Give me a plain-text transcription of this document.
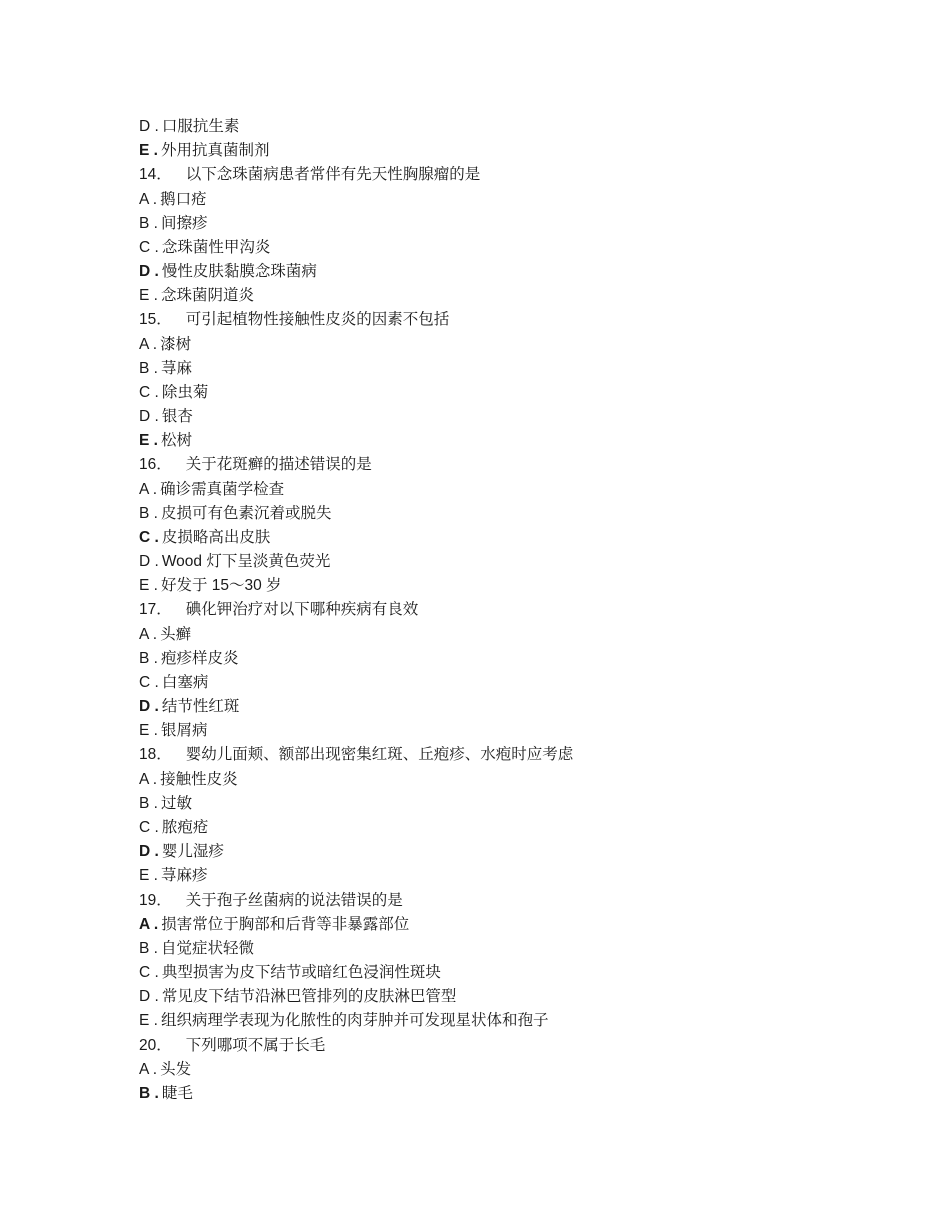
D . 口服抗生素
E . 外用抗真菌制剂
14． 以下念珠菌病患者常伴有先天性胸腺瘤的是
A . 鹅口疮
B . 间擦疹
C . 念珠菌性甲沟炎
D . 慢性皮肤黏膜念珠菌病
E . 念珠菌阴道炎
15． 可引起植物性接触性皮炎的因素不包括
A . 漆树
B . 荨麻
C . 除虫菊
D . 银杏
E . 松树
16． 关于花斑癣的描述错误的是
A . 确诊需真菌学检查
B . 皮损可有色素沉着或脱失
C . 皮损略高出皮肤
D . Wood 灯下呈淡黄色荧光
E . 好发于 15～30 岁
17． 碘化钾治疗对以下哪种疾病有良效
A . 头癣
B . 疱疹样皮炎
C . 白塞病
D . 结节性红斑
E . 银屑病
18． 婴幼儿面颊、额部出现密集红斑、丘疱疹、水疱时应考虑
A . 接触性皮炎
B . 过敏
C . 脓疱疮
D . 婴儿湿疹
E . 荨麻疹
19． 关于孢子丝菌病的说法错误的是
A . 损害常位于胸部和后背等非暴露部位
B . 自觉症状轻微
C . 典型损害为皮下结节或暗红色浸润性斑块
D . 常见皮下结节沿淋巴管排列的皮肤淋巴管型
E . 组织病理学表现为化脓性的肉芽肿并可发现星状体和孢子
20． 下列哪项不属于长毛
A . 头发
B . 睫毛
